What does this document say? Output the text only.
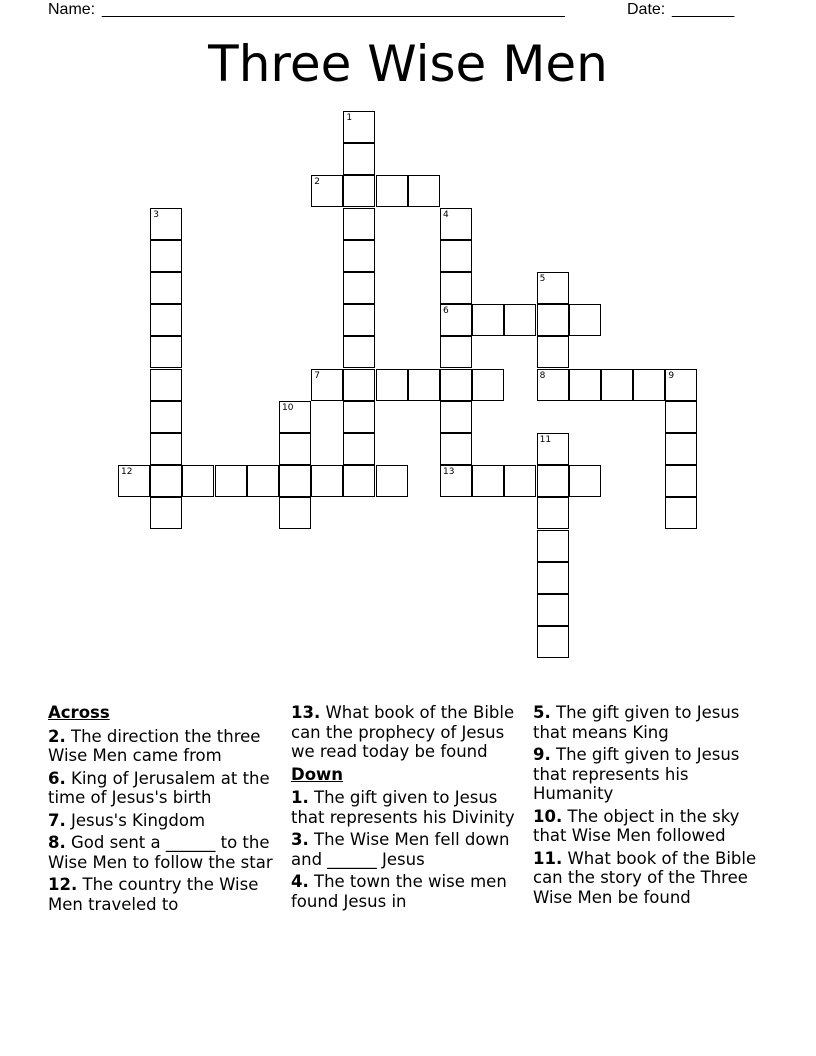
Name: ____________________________________________________	Date: _______
Three Wise Men
1
2
3	4
6
5
8
7	9
10
11
12	13
Across
2. The direction the three Wise Men came from
6. King of Jerusalem at the time of Jesus's birth
7. Jesus's Kingdom
8. God sent a ______ to the Wise Men to follow the star
12. The country the Wise Men traveled to
13. What book of the Bible can the prophecy of Jesus we read today be found
Down
1. The gift given to Jesus that represents his Divinity
3. The Wise Men fell down and ______ Jesus
4. The town the wise men found Jesus in
5. The gift given to Jesus that means King
9. The gift given to Jesus that represents his Humanity
10. The object in the sky that Wise Men followed
11. What book of the Bible can the story of the Three Wise Men be found
